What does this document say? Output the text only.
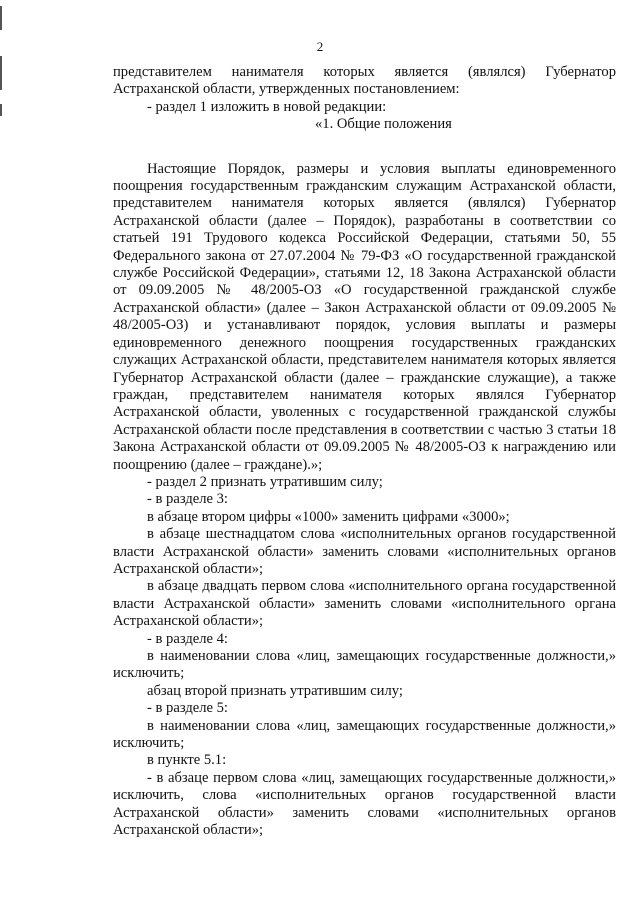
2

представителем нанимателя которых является (являлся) Губернатор Астраханской области, утвержденных постановлением:

- раздел 1 изложить в новой редакции:

«1. Общие положения

Настоящие Порядок, размеры и условия выплаты единовременного поощрения государственным гражданским служащим Астраханской области, представителем нанимателя которых является (являлся) Губернатор Астраханской области (далее – Порядок), разработаны в соответствии со статьей 191 Трудового кодекса Российской Федерации, статьями 50, 55 Федерального закона от 27.07.2004 № 79-ФЗ «О государственной гражданской службе Российской Федерации», статьями 12, 18 Закона Астраханской области от 09.09.2005 № 48/2005-ОЗ «О государственной гражданской службе Астраханской области» (далее – Закон Астраханской области от 09.09.2005 № 48/2005-ОЗ) и устанавливают порядок, условия выплаты и размеры единовременного денежного поощрения государственных гражданских служащих Астраханской области, представителем нанимателя которых является Губернатор Астраханской области (далее – гражданские служащие), а также граждан, представителем нанимателя которых являлся Губернатор Астраханской области, уволенных с государственной гражданской службы Астраханской области после представления в соответствии с частью 3 статьи 18 Закона Астраханской области от 09.09.2005 № 48/2005-ОЗ к награждению или поощрению (далее – граждане).»;

- раздел 2 признать утратившим силу;

- в разделе 3:

в абзаце втором цифры «1000» заменить цифрами «3000»;

в абзаце шестнадцатом слова «исполнительных органов государственной власти Астраханской области» заменить словами «исполнительных органов Астраханской области»;

в абзаце двадцать первом слова «исполнительного органа государственной власти Астраханской области» заменить словами «исполнительного органа Астраханской области»;

- в разделе 4:

в наименовании слова «лиц, замещающих государственные должности,» исключить;

абзац второй признать утратившим силу;

- в разделе 5:

в наименовании слова «лиц, замещающих государственные должности,» исключить;

в пункте 5.1:

- в абзаце первом слова «лиц, замещающих государственные должности,» исключить, слова «исполнительных органов государственной власти Астраханской области» заменить словами «исполнительных органов Астраханской области»;
